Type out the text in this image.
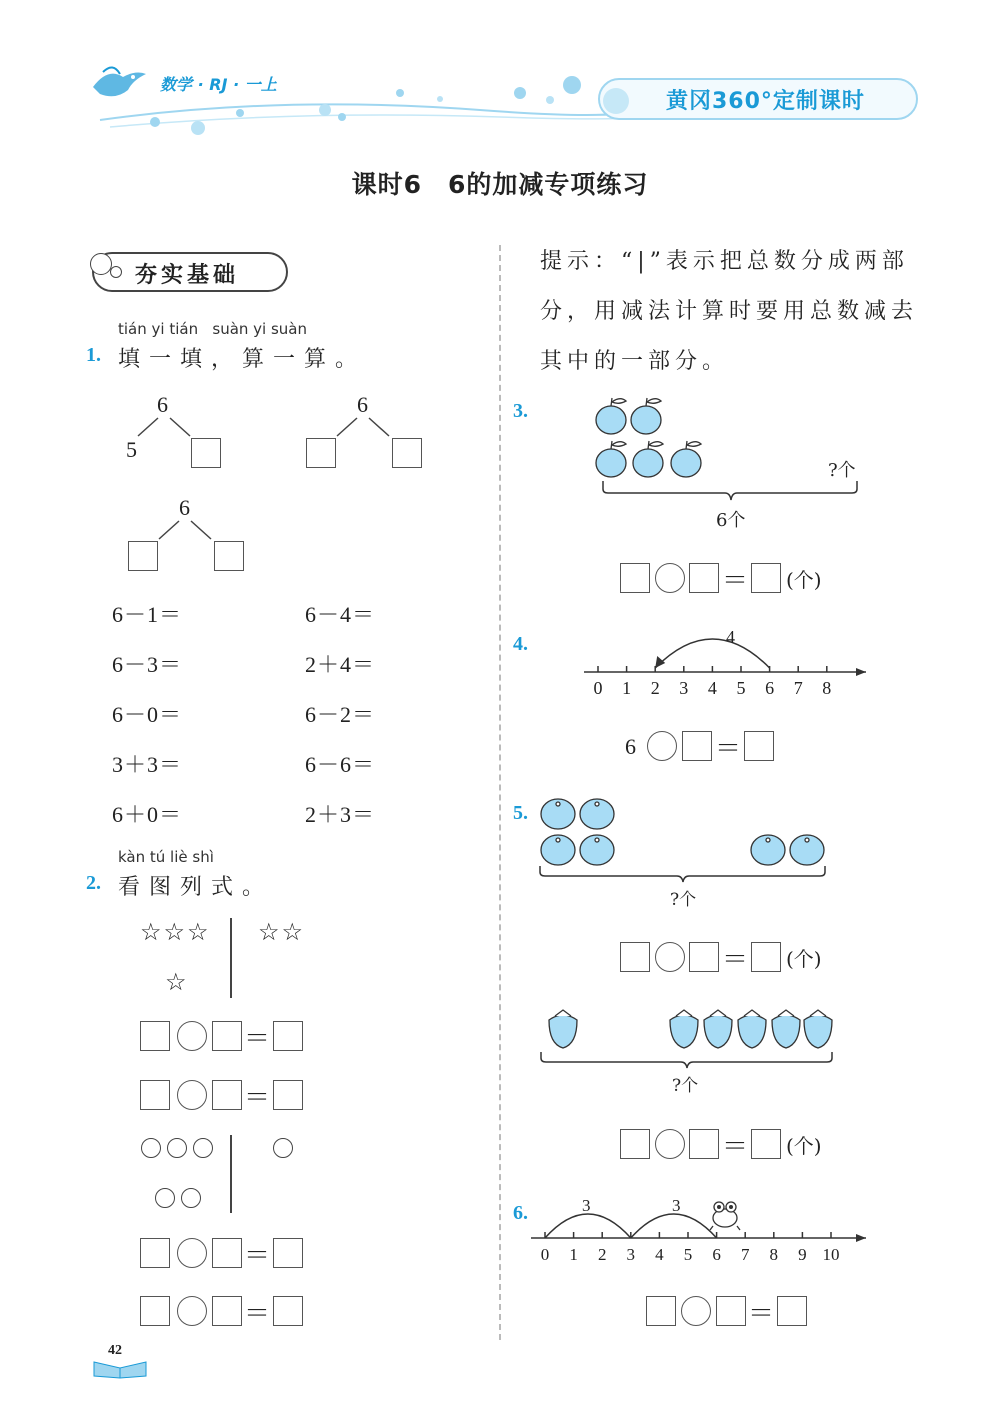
数学 · RJ · 一上
黄冈360°定制课时
课时6　6的加减专项练习
夯实基础
tián yi tián   suàn yi suàn
1. 填一填，算一算。
6
5
6
6
6－1＝
6－3＝
6－0＝
3＋3＝
6＋0＝
6－4＝
2＋4＝
6－2＝
6－6＝
2＋3＝
kàn tú liè shì
2. 看图列式。
☆☆☆
☆
☆☆
＝
＝
＝
＝
42
提示：“|”表示把总数分成两部
分，用减法计算时要用总数减去
其中的一部分。
3.
?个
6个
＝ (个)
4.
0 1 2 3 4 5 6 7 8
4
6	＝
5.
?个
＝ (个)
?个
＝ (个)
6.
0 1 2 3 4 5 6 7 8 9 10
3	3
＝
